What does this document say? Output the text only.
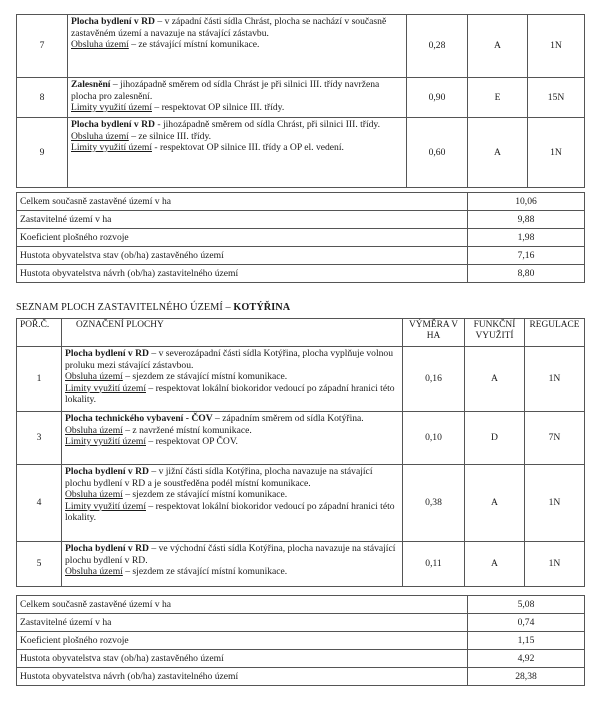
7	Plocha bydlení v RD – v západní části sídla Chrást, plocha se nachází v současně zastavěném území a navazuje na stávající zástavbu.
Obsluha území – ze stávající místní komunikace.	0,28	A	1N
8	Zalesnění – jihozápadně směrem od sídla Chrást je při silnici III. třídy navržena plocha pro zalesnění.
Limity využití území – respektovat OP silnice III. třídy.	0,90	E	15N
9	Plocha bydlení v RD - jihozápadně směrem od sídla Chrást, při silnici III. třídy.
Obsluha území – ze silnice III. třídy.
Limity využití území - respektovat OP silnice III. třídy a OP el. vedení.	0,60	A	1N
Celkem současně zastavěné území v ha	10,06
Zastavitelné území v ha	9,88
Koeficient plošného rozvoje	1,98
Hustota obyvatelstva stav (ob/ha) zastavěného území	7,16
Hustota obyvatelstva návrh (ob/ha) zastavitelného území	8,80
SEZNAM PLOCH ZASTAVITELNÉHO ÚZEMÍ – KOTÝŘINA
POŘ.Č.	OZNAČENÍ PLOCHY	VÝMĚRA V HA	FUNKČNÍ VYUŽITÍ	REGULACE
1	Plocha bydlení v RD – v severozápadní části sídla Kotýřina, plocha vyplňuje volnou proluku mezi stávající zástavbou.
Obsluha území – sjezdem ze stávající místní komunikace.
Limity využití území – respektovat lokální biokoridor vedoucí po západní hranici této lokality.	0,16	A	1N
3	Plocha technického vybavení - ČOV – západním směrem od sídla Kotýřina.
Obsluha území – z navržené místní komunikace.
Limity využití území – respektovat OP ČOV.	0,10	D	7N
4	Plocha bydlení v RD – v jižní části sídla Kotýřina, plocha navazuje na stávající plochu bydlení v RD a je soustředěna podél místní komunikace.
Obsluha území – sjezdem ze stávající místní komunikace.
Limity využití území – respektovat lokální biokoridor vedoucí po západní hranici této lokality.	0,38	A	1N
5	Plocha bydlení v RD – ve východní části sídla Kotýřina, plocha navazuje na stávající plochu bydlení v RD.
Obsluha území – sjezdem ze stávající místní komunikace.	0,11	A	1N
Celkem současně zastavěné území v ha	5,08
Zastavitelné území v ha	0,74
Koeficient plošného rozvoje	1,15
Hustota obyvatelstva stav (ob/ha) zastavěného území	4,92
Hustota obyvatelstva návrh (ob/ha) zastavitelného území	28,38
